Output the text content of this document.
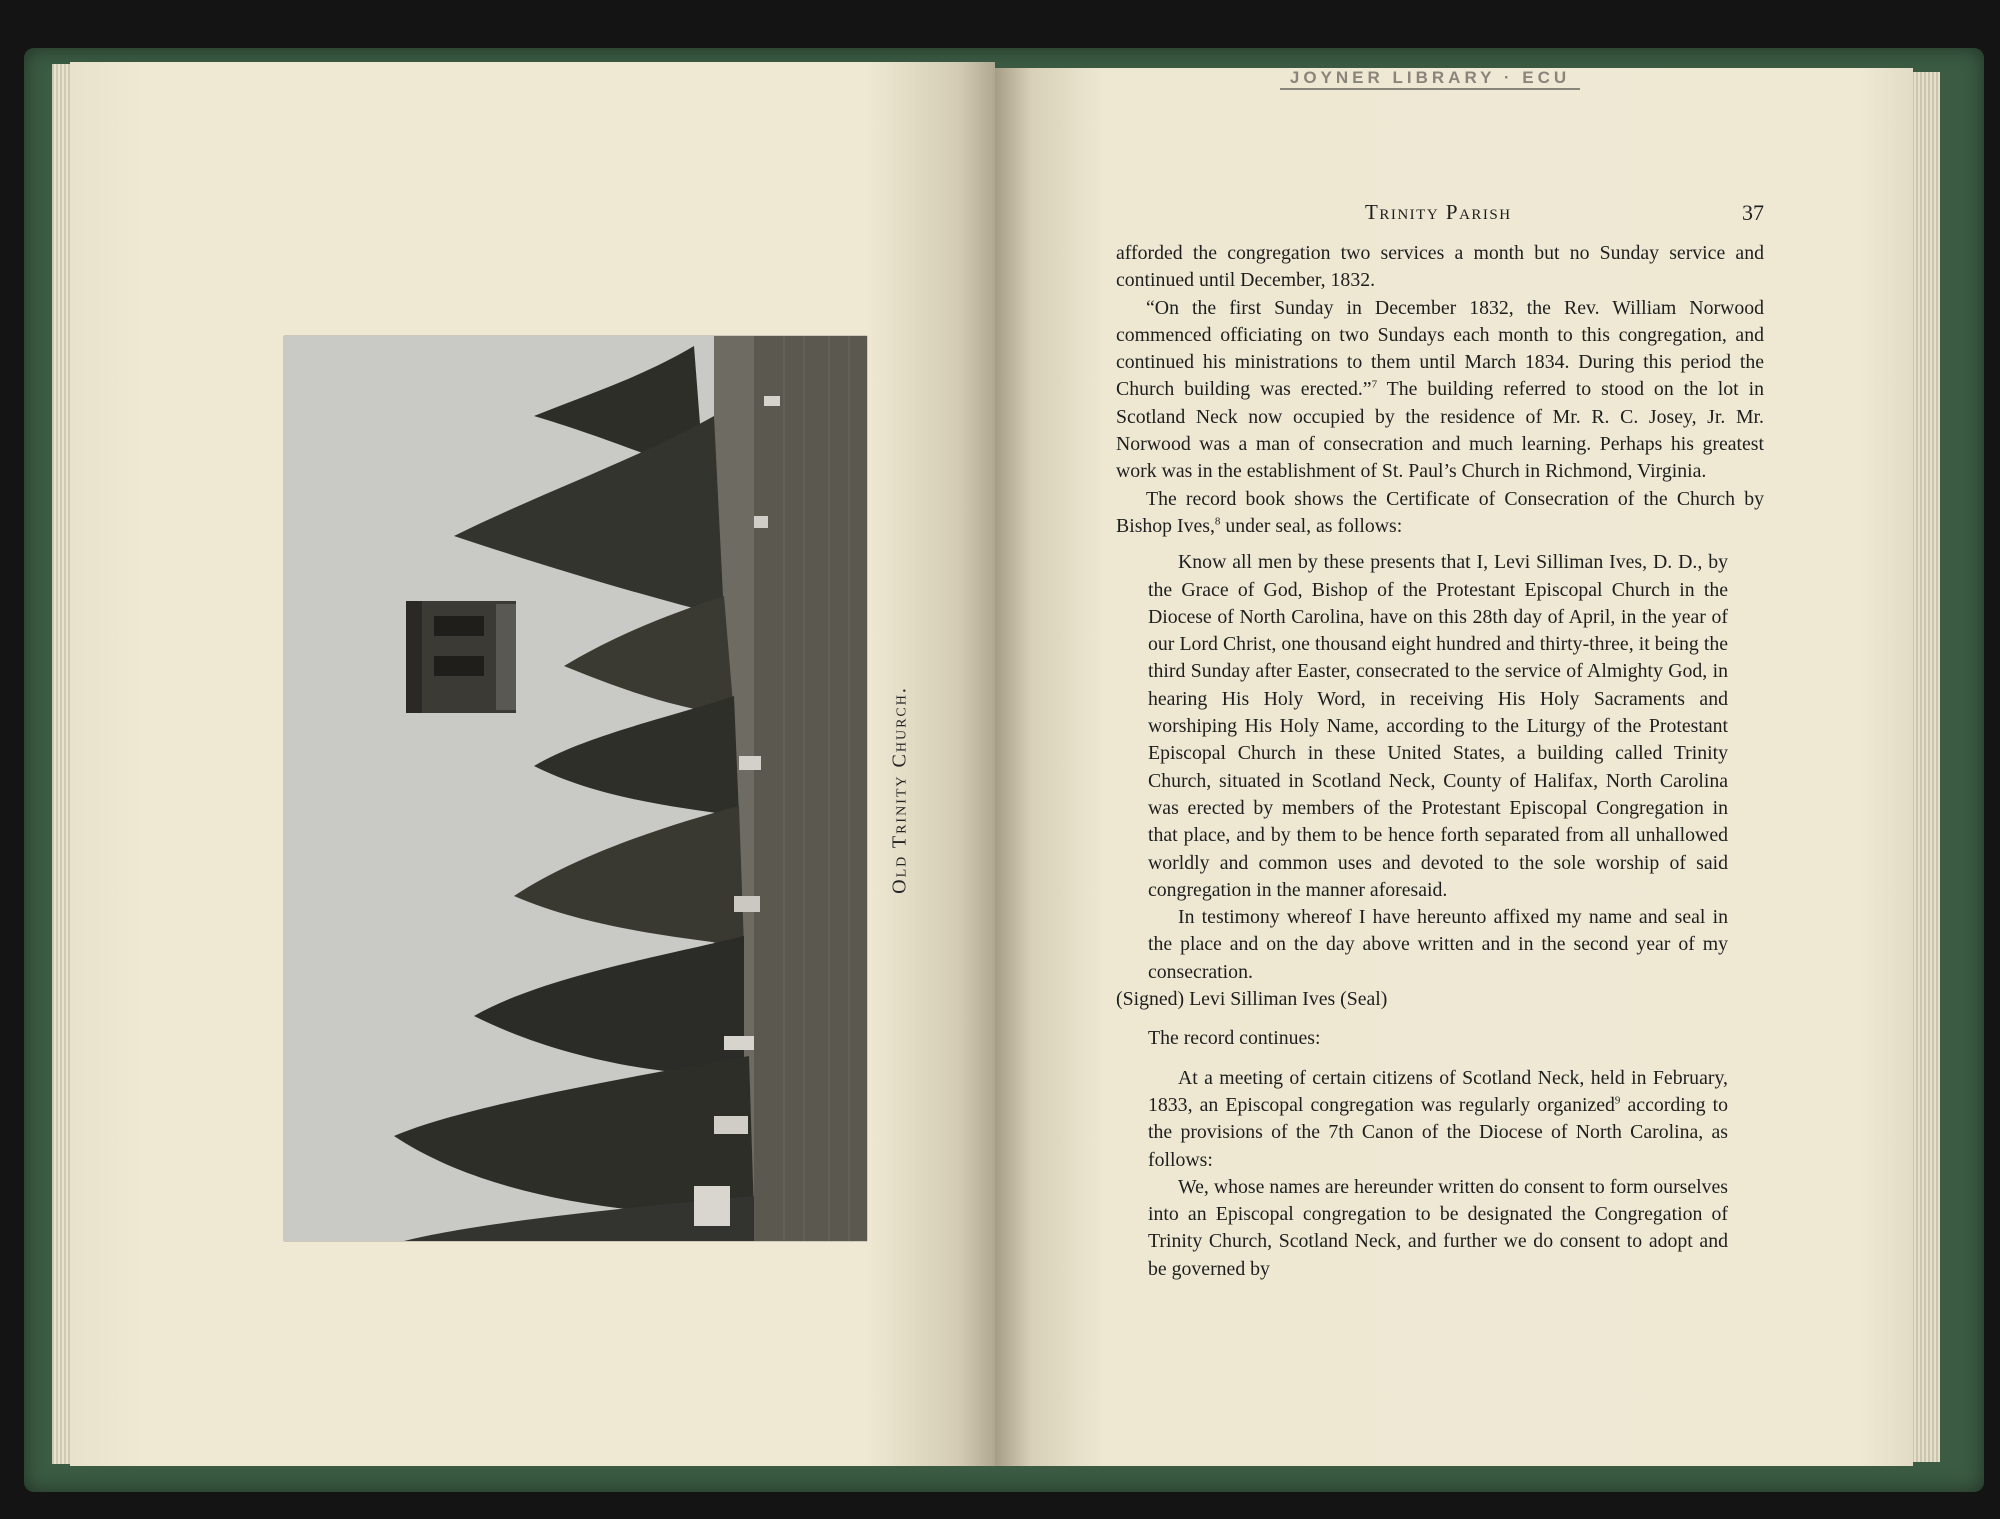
JOYNER LIBRARY · ECU
Old Trinity Church.
Trinity Parish	37

afforded the congregation two services a month but no Sunday service and continued until December, 1832.

“On the first Sunday in December 1832, the Rev. William Norwood commenced officiating on two Sundays each month to this congregation, and continued his ministrations to them until March 1834. During this period the Church building was erected.”$^7$ The building referred to stood on the lot in Scotland Neck now occupied by the residence of Mr. R. C. Josey, Jr. Mr. Norwood was a man of consecration and much learning. Perhaps his greatest work was in the establishment of St. Paul’s Church in Richmond, Virginia.

The record book shows the Certificate of Consecration of the Church by Bishop Ives,$^8$ under seal, as follows:

Know all men by these presents that I, Levi Silliman Ives, D. D., by the Grace of God, Bishop of the Protestant Episcopal Church in the Diocese of North Carolina, have on this 28th day of April, in the year of our Lord Christ, one thousand eight hundred and thirty-three, it being the third Sunday after Easter, consecrated to the service of Almighty God, in hearing His Holy Word, in receiving His Holy Sacraments and worshiping His Holy Name, according to the Liturgy of the Protestant Episcopal Church in these United States, a building called Trinity Church, situated in Scotland Neck, County of Halifax, North Carolina was erected by members of the Protestant Episcopal Congregation in that place, and by them to be hence forth separated from all unhallowed worldly and common uses and devoted to the sole worship of said congregation in the manner aforesaid.

In testimony whereof I have hereunto affixed my name and seal in the place and on the day above written and in the second year of my consecration.

(Signed) Levi Silliman Ives (Seal)

The record continues:

At a meeting of certain citizens of Scotland Neck, held in February, 1833, an Episcopal congregation was regularly organized$^9$ according to the provisions of the 7th Canon of the Diocese of North Carolina, as follows:

We, whose names are hereunder written do consent to form ourselves into an Episcopal congregation to be designated the Congregation of Trinity Church, Scotland Neck, and further we do consent to adopt and be governed by
